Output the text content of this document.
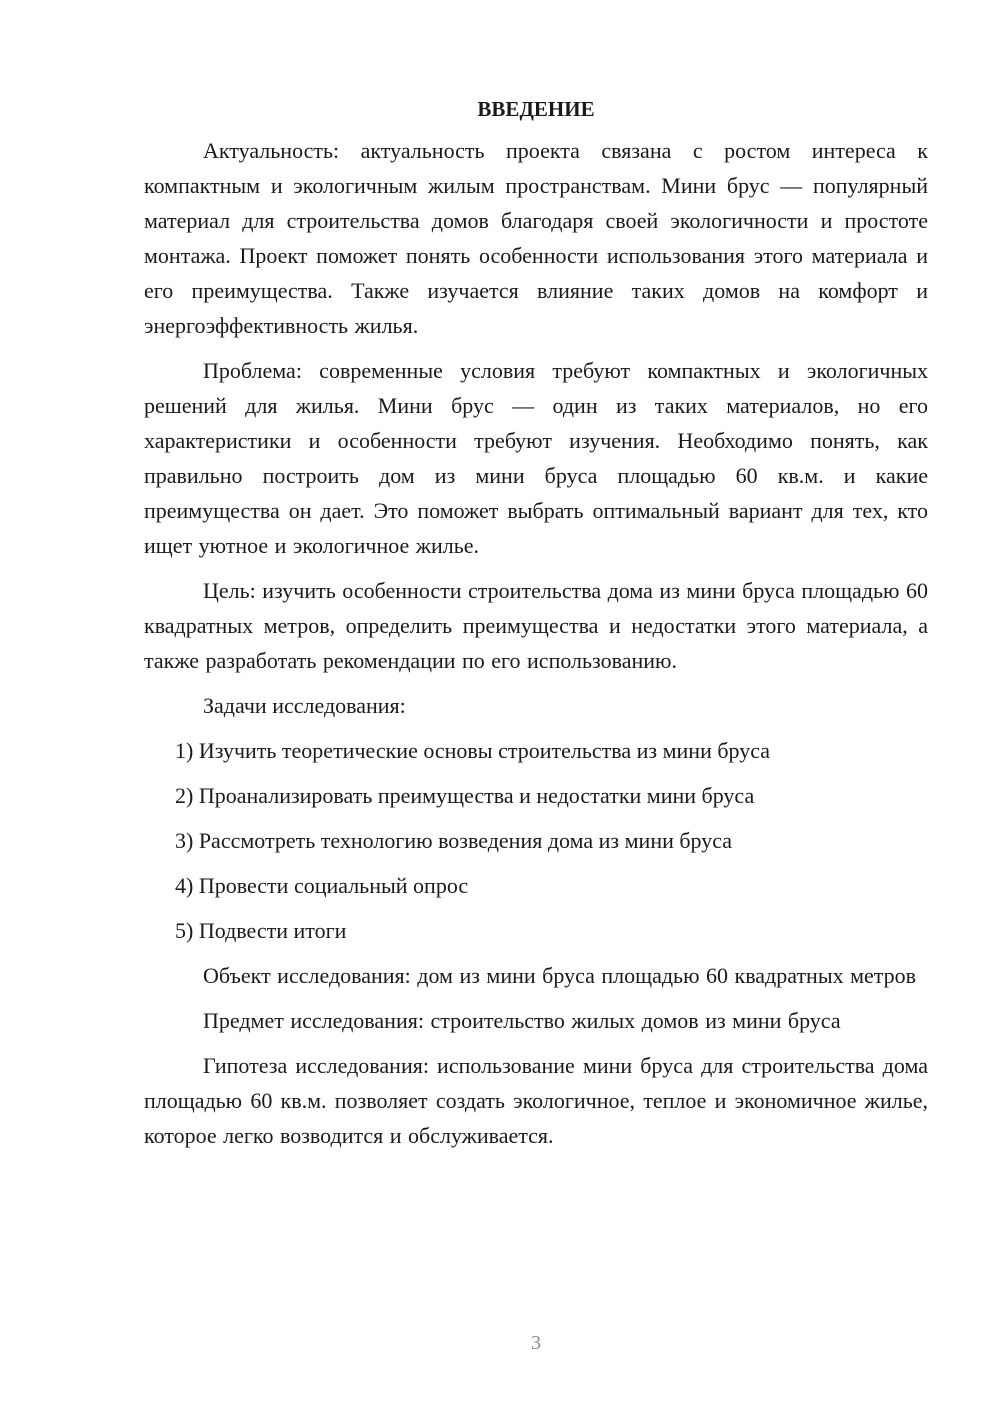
ВВЕДЕНИЕ

Актуальность: актуальность проекта связана с ростом интереса к компактным и экологичным жилым пространствам. Мини брус — популярный материал для строительства домов благодаря своей экологичности и простоте монтажа. Проект поможет понять особенности использования этого материала и его преимущества. Также изучается влияние таких домов на комфорт и энергоэффективность жилья.

Проблема: современные условия требуют компактных и экологичных решений для жилья. Мини брус — один из таких материалов, но его характеристики и особенности требуют изучения. Необходимо понять, как правильно построить дом из мини бруса площадью 60 кв.м. и какие преимущества он дает. Это поможет выбрать оптимальный вариант для тех, кто ищет уютное и экологичное жилье.

Цель: изучить особенности строительства дома из мини бруса площадью 60 квадратных метров, определить преимущества и недостатки этого материала, а также разработать рекомендации по его использованию.

Задачи исследования:

1) Изучить теоретические основы строительства из мини бруса
2) Проанализировать преимущества и недостатки мини бруса
3) Рассмотреть технологию возведения дома из мини бруса
4) Провести социальный опрос
5) Подвести итоги

Объект исследования: дом из мини бруса площадью 60 квадратных метров

Предмет исследования: строительство жилых домов из мини бруса

Гипотеза исследования: использование мини бруса для строительства дома площадью 60 кв.м. позволяет создать экологичное, теплое и экономичное жилье, которое легко возводится и обслуживается.

3
